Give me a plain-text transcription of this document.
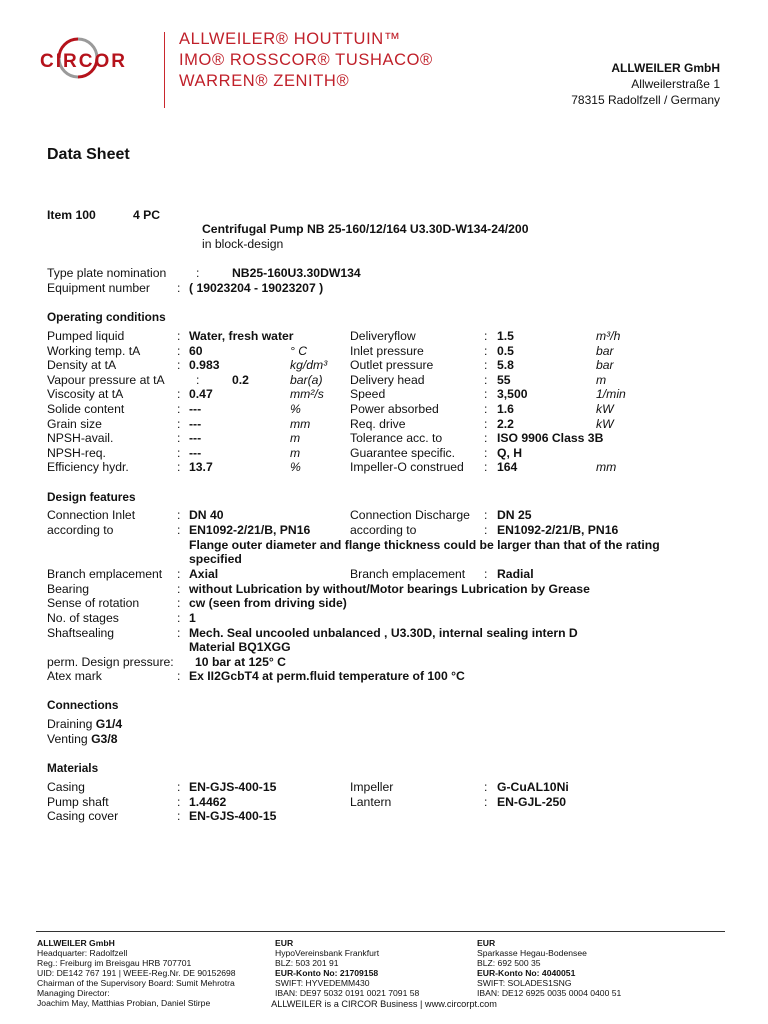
CIRCOR
ALLWEILER® HOUTTUIN™
IMO® ROSSCOR® TUSHACO®
WARREN® ZENITH®
ALLWEILER GmbH
Allweilerstraße 1
78315 Radolfzell / Germany
Data Sheet
Item 100	4 PC
Centrifugal Pump NB 25-160/12/164 U3.30D-W134-24/200
in block-design
Type plate nomination :	NB25-160U3.30DW134
Equipment number : ( 19023204 - 19023207 )
Operating conditions
Pumped liquid	: Water, fresh water	Deliveryflow	: 1.5	m³/h
Working temp. tA	: 60	° C	Inlet pressure	: 0.5	bar
Density at tA	: 0.983	kg/dm³ Outlet pressure	: 5.8	bar
Vapour pressure at tA	:	0.2	bar(a) Delivery head	: 55	m
Viscosity at tA	: 0.47	mm²/s Speed	: 3,500	1/min
Solide content	: ---	%	Power absorbed	: 1.6	kW
Grain size	: ---	mm	Req. drive	: 2.2	kW
NPSH-avail.	: ---	m	Tolerance acc. to	: ISO 9906 Class 3B
NPSH-req.	: ---	m	Guarantee specific. : Q, H
Efficiency hydr.	: 13.7	%	Impeller-O construed : 164	mm
Design features
Connection Inlet	: DN 40	Connection Discharge : DN 25
according to	: EN1092-2/21/B, PN16	according to	: EN1092-2/21/B, PN16
Flange outer diameter and flange thickness could be larger than that of the rating
specified
Branch emplacement : Axial	Branch emplacement : Radial
Bearing	: without Lubrication by without/Motor bearings Lubrication by Grease
Sense of rotation	: cw (seen from driving side)
No. of stages	: 1
Shaftsealing	: Mech. Seal uncooled unbalanced , U3.30D, internal sealing intern D
Material BQ1XGG
perm. Design pressure: 10 bar at 125° C
Atex mark	: Ex II2GcbT4 at perm.fluid temperature of 100 °C
Connections
Draining G1/4
Venting G3/8
Materials
Casing	: EN-GJS-400-15	Impeller	: G-CuAL10Ni
Pump shaft	: 1.4462	Lantern	: EN-GJL-250
Casing cover	: EN-GJS-400-15
ALLWEILER GmbH
Headquarter: Radolfzell
Reg.: Freiburg im Breisgau HRB 707701
UID: DE142 767 191 | WEEE-Reg.Nr. DE 90152698
Chairman of the Supervisory Board: Sumit Mehrotra
Managing Director:
Joachim May, Matthias Probian, Daniel Stirpe
EUR
HypoVereinsbank Frankfurt
BLZ: 503 201 91
EUR-Konto No: 21709158
SWIFT: HYVEDEMM430
IBAN: DE97 5032 0191 0021 7091 58
EUR
Sparkasse Hegau-Bodensee
BLZ: 692 500 35
EUR-Konto No: 4040051
SWIFT: SOLADES1SNG
IBAN: DE12 6925 0035 0004 0400 51
ALLWEILER is a CIRCOR Business | www.circorpt.com
